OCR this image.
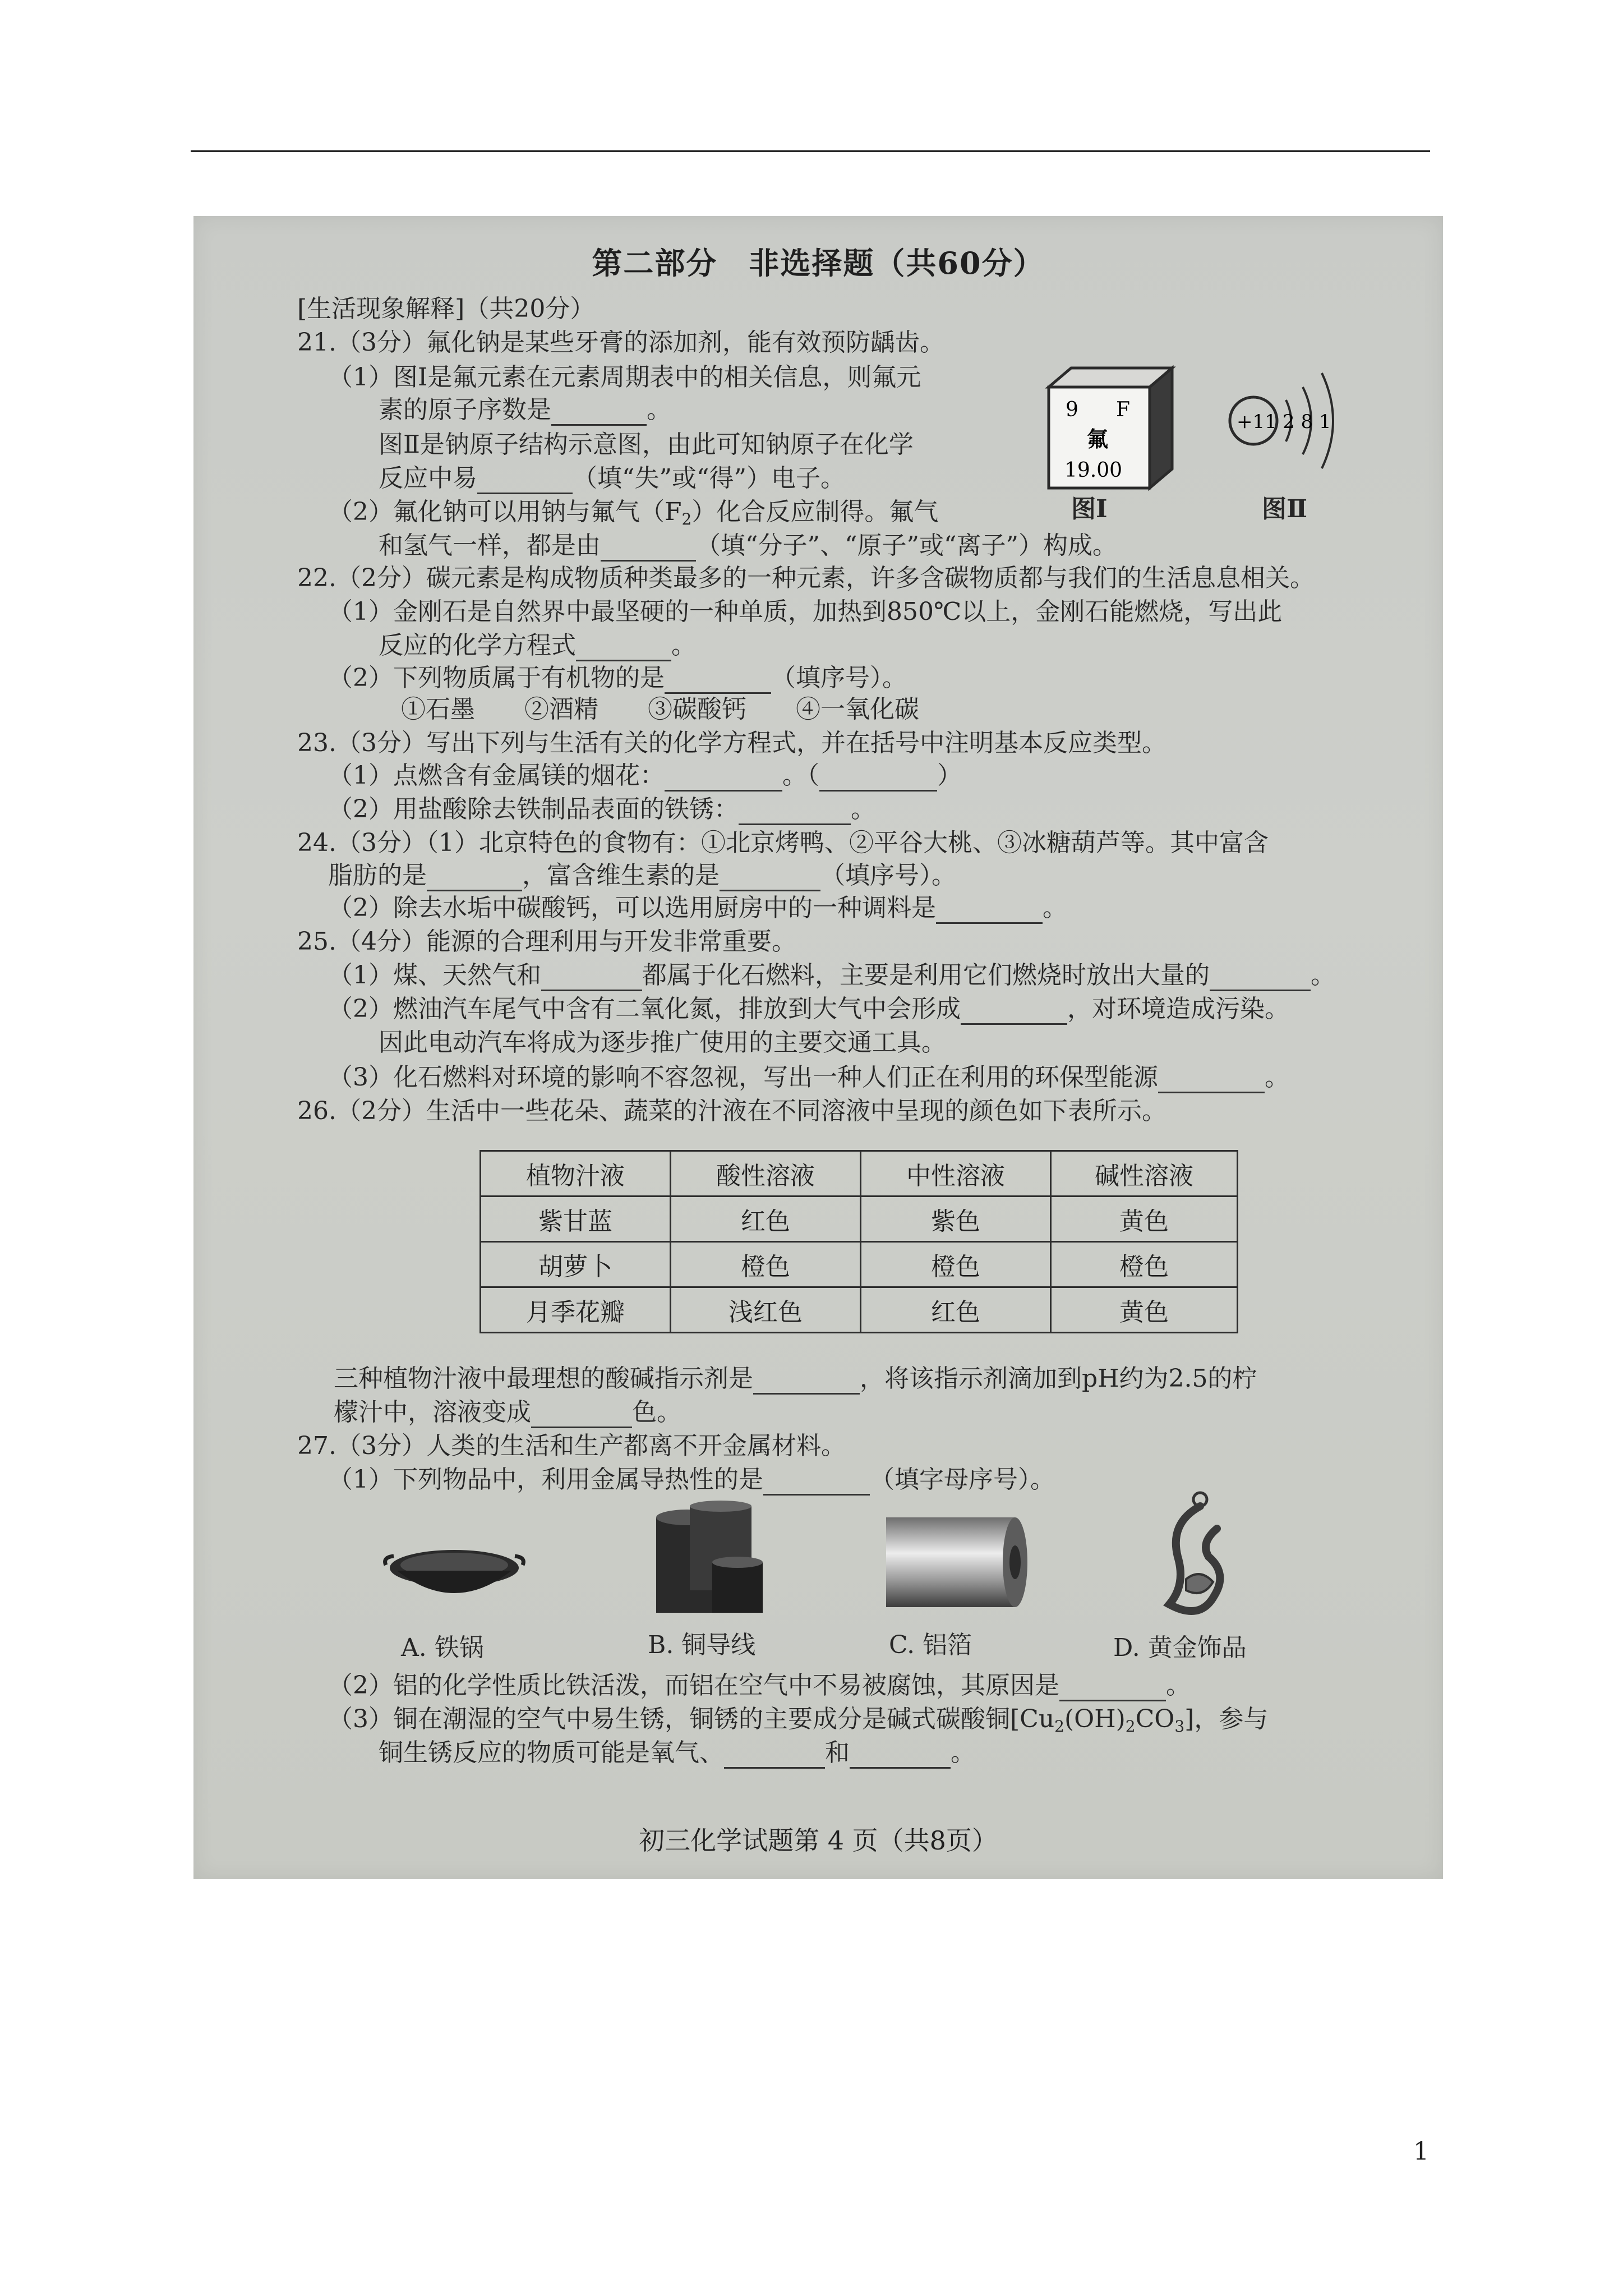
第二部分　非选择题（共60分）
[生活现象解释]（共20分）
21.（3分）氟化钠是某些牙膏的添加剂，能有效预防龋齿。
（1）图Ⅰ是氟元素在元素周期表中的相关信息，则氟元
素的原子序数是	。
图Ⅱ是钠原子结构示意图，由此可知钠原子在化学
反应中易	（填“失”或“得”）电子。
（2）氟化钠可以用钠与氟气$(F_2)$化合反应制得。氟气
和氢气一样，都是由	（填“分子”、“原子”或“离子”）构成。
9 F
氟
19.00
+11 2 8 1
图Ⅰ	图Ⅱ
22.（2分）碳元素是构成物质种类最多的一种元素，许多含碳物质都与我们的生活息息相关。
（1）金刚石是自然界中最坚硬的一种单质，加热到850℃以上，金刚石能燃烧，写出此
反应的化学方程式	。
（2）下列物质属于有机物的是	（填序号）。
①石墨　　②酒精　　③碳酸钙　　④一氧化碳
23.（3分）写出下列与生活有关的化学方程式，并在括号中注明基本反应类型。
（1）点燃含有金属镁的烟花：	。（	）
（2）用盐酸除去铁制品表面的铁锈：	。
24.（3分）（1）北京特色的食物有：①北京烤鸭、②平谷大桃、③冰糖葫芦等。其中富含
脂肪的是	，富含维生素的是	（填序号）。
（2）除去水垢中碳酸钙，可以选用厨房中的一种调料是	。
25.（4分）能源的合理利用与开发非常重要。
（1）煤、天然气和	都属于化石燃料，主要是利用它们燃烧时放出大量的	。
（2）燃油汽车尾气中含有二氧化氮，排放到大气中会形成	，对环境造成污染。
因此电动汽车将成为逐步推广使用的主要交通工具。
（3）化石燃料对环境的影响不容忽视，写出一种人们正在利用的环保型能源	。
26.（2分）生活中一些花朵、蔬菜的汁液在不同溶液中呈现的颜色如下表所示。
植物汁液	酸性溶液	中性溶液	碱性溶液
紫甘蓝	红色	紫色	黄色
胡萝卜	橙色	橙色	橙色
月季花瓣	浅红色	红色	黄色
三种植物汁液中最理想的酸碱指示剂是	，将该指示剂滴加到pH约为2.5的柠
檬汁中，溶液变成	色。
27.（3分）人类的生活和生产都离不开金属材料。
（1）下列物品中，利用金属导热性的是	（填字母序号）。
A. 铁锅	B. 铜导线	C. 铝箔	D. 黄金饰品
（2）铝的化学性质比铁活泼，而铝在空气中不易被腐蚀，其原因是	。
（3）铜在潮湿的空气中易生锈，铜锈的主要成分是碱式碳酸铜$[Cu_2(OH)_2CO_3]$，参与
铜生锈反应的物质可能是氧气、	和	。
初三化学试题第 4 页（共8页）
1
